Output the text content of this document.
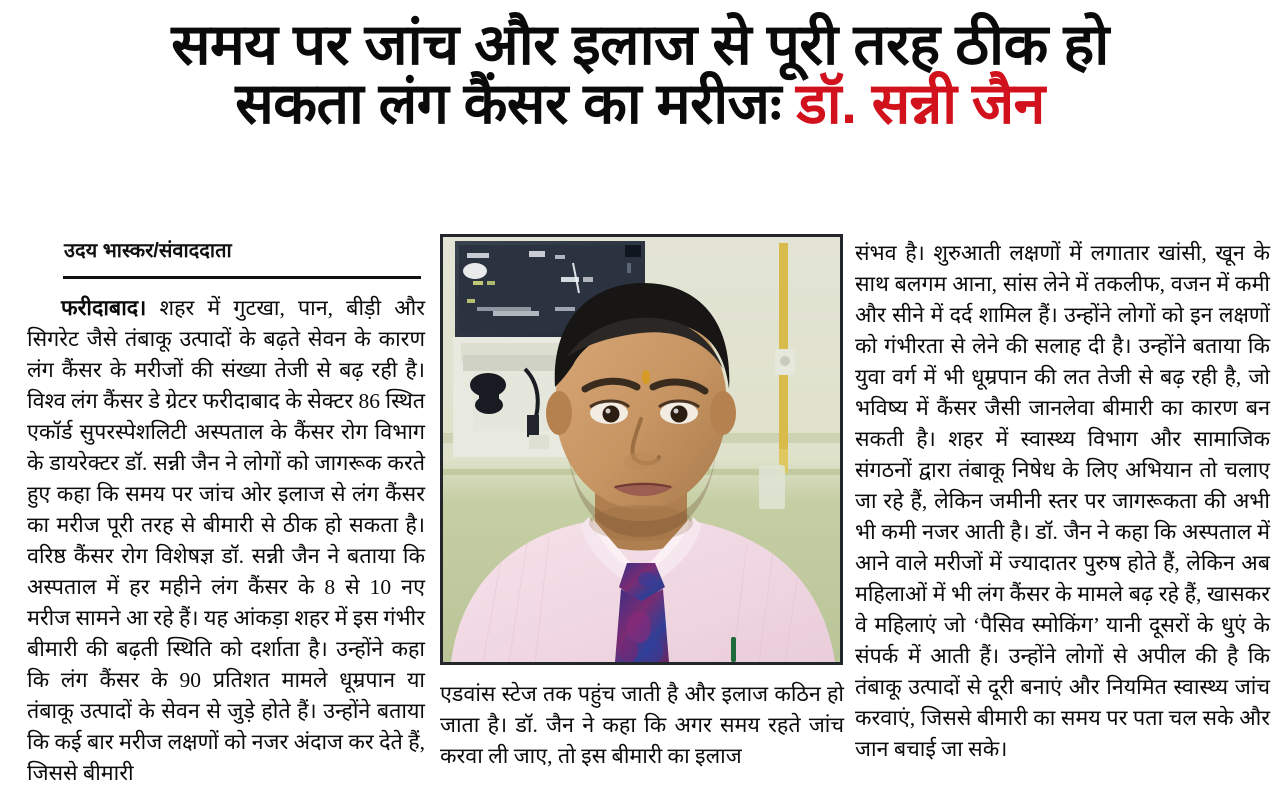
समय पर जांच और इलाज से पूरी तरह ठीक हो
सकता लंग कैंसर का मरीजः डॉ. सन्नी जैन
उदय भास्कर/संवाददाता

फरीदाबाद। शहर में गुटखा, पान, बीड़ी और सिगरेट जैसे तंबाकू उत्पादों के बढ़ते सेवन के कारण लंग कैंसर के मरीजों की संख्या तेजी से बढ़ रही है। विश्व लंग कैंसर डे ग्रेटर फरीदाबाद के सेक्टर 86 स्थित एकॉर्ड सुपरस्पेशलिटी अस्पताल के कैंसर रोग विभाग के डायरेक्टर डॉ. सन्नी जैन ने लोगों को जागरूक करते हुए कहा कि समय पर जांच ओर इलाज से लंग कैंसर का मरीज पूरी तरह से बीमारी से ठीक हो सकता है। वरिष्ठ कैंसर रोग विशेषज्ञ डॉ. सन्नी जैन ने बताया कि अस्पताल में हर महीने लंग कैंसर के 8 से 10 नए मरीज सामने आ रहे हैं। यह आंकड़ा शहर में इस गंभीर बीमारी की बढ़ती स्थिति को दर्शाता है। उन्होंने कहा कि लंग कैंसर के 90 प्रतिशत मामले धूम्रपान या तंबाकू उत्पादों के सेवन से जुड़े होते हैं। उन्होंने बताया कि कई बार मरीज लक्षणों को नजर अंदाज कर देते हैं, जिससे बीमारी

एडवांस स्टेज तक पहुंच जाती है और इलाज कठिन हो जाता है। डॉ. जैन ने कहा कि अगर समय रहते जांच करवा ली जाए, तो इस बीमारी का इलाज

संभव है। शुरुआती लक्षणों में लगातार खांसी, खून के साथ बलगम आना, सांस लेने में तकलीफ, वजन में कमी और सीने में दर्द शामिल हैं। उन्होंने लोगों को इन लक्षणों को गंभीरता से लेने की सलाह दी है। उन्होंने बताया कि युवा वर्ग में भी धूम्रपान की लत तेजी से बढ़ रही है, जो भविष्य में कैंसर जैसी जानलेवा बीमारी का कारण बन सकती है। शहर में स्वास्थ्य विभाग और सामाजिक संगठनों द्वारा तंबाकू निषेध के लिए अभियान तो चलाए जा रहे हैं, लेकिन जमीनी स्तर पर जागरूकता की अभी भी कमी नजर आती है। डॉ. जैन ने कहा कि अस्पताल में आने वाले मरीजों में ज्यादातर पुरुष होते हैं, लेकिन अब महिलाओं में भी लंग कैंसर के मामले बढ़ रहे हैं, खासकर वे महिलाएं जो ‘पैसिव स्मोकिंग’ यानी दूसरों के धुएं के संपर्क में आती हैं। उन्होंने लोगों से अपील की है कि तंबाकू उत्पादों से दूरी बनाएं और नियमित स्वास्थ्य जांच करवाएं, जिससे बीमारी का समय पर पता चल सके और जान बचाई जा सके।
